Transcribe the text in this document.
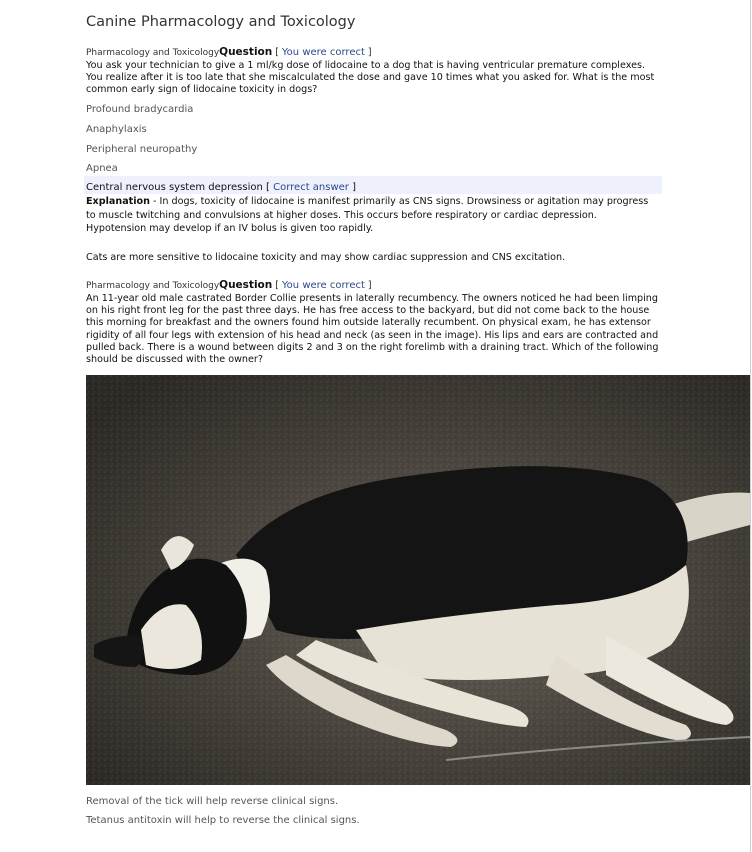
Canine Pharmacology and Toxicology
Pharmacology and ToxicologyQuestion [ You were correct ]
You ask your technician to give a 1 ml/kg dose of lidocaine to a dog that is having ventricular premature complexes. You realize after it is too late that she miscalculated the dose and gave 10 times what you asked for. What is the most common early sign of lidocaine toxicity in dogs?
Profound bradycardia
Anaphylaxis
Peripheral neuropathy
Apnea
Central nervous system depression [ Correct answer ]
Explanation - In dogs, toxicity of lidocaine is manifest primarily as CNS signs. Drowsiness or agitation may progress to muscle twitching and convulsions at higher doses. This occurs before respiratory or cardiac depression. Hypotension may develop if an IV bolus is given too rapidly.
Cats are more sensitive to lidocaine toxicity and may show cardiac suppression and CNS excitation.
Pharmacology and ToxicologyQuestion [ You were correct ]
An 11-year old male castrated Border Collie presents in laterally recumbency. The owners noticed he had been limping on his right front leg for the past three days. He has free access to the backyard, but did not come back to the house this morning for breakfast and the owners found him outside laterally recumbent. On physical exam, he has extensor rigidity of all four legs with extension of his head and neck (as seen in the image). His lips and ears are contracted and pulled back. There is a wound between digits 2 and 3 on the right forelimb with a draining tract. Which of the following should be discussed with the owner?
Removal of the tick will help reverse clinical signs.
Tetanus antitoxin will help to reverse the clinical signs.
